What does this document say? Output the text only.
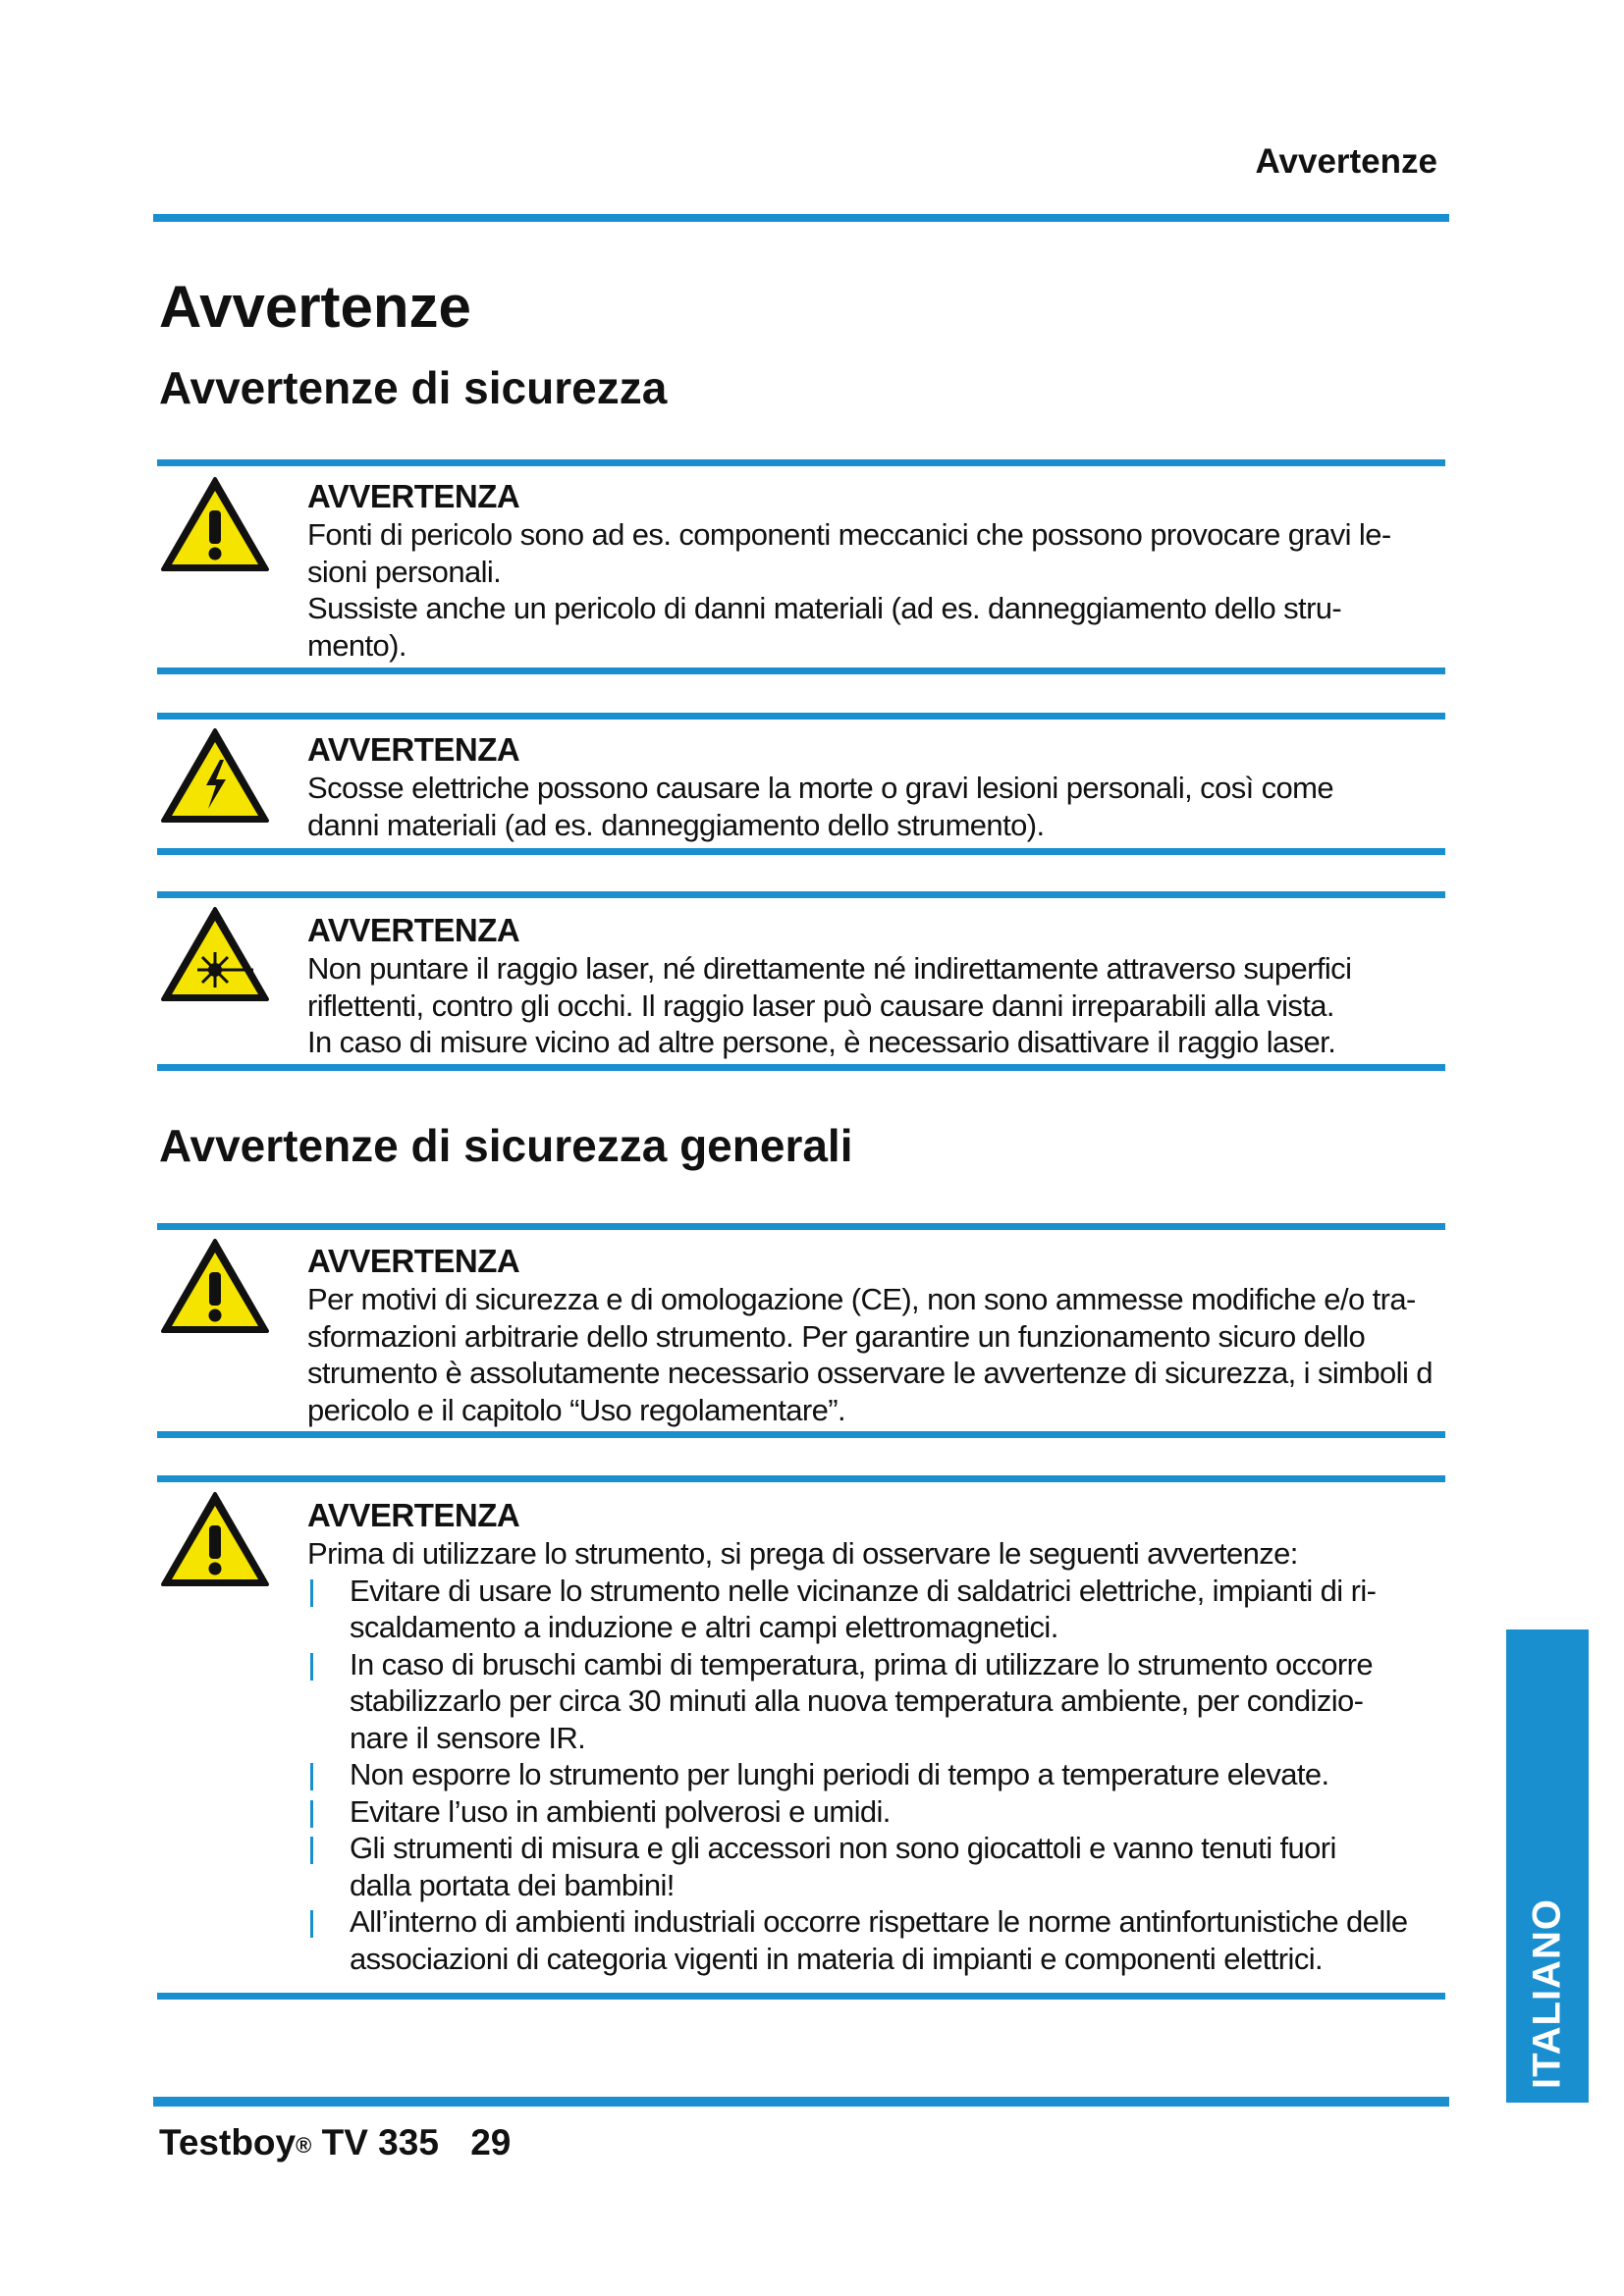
Avvertenze
Avvertenze
Avvertenze di sicurezza
AVVERTENZA
Fonti di pericolo sono ad es. componenti meccanici che possono provocare gravi le-
sioni personali.
Sussiste anche un pericolo di danni materiali (ad es. danneggiamento dello stru-
mento).
AVVERTENZA
Scosse elettriche possono causare la morte o gravi lesioni personali, così come
danni materiali (ad es. danneggiamento dello strumento).
AVVERTENZA
Non puntare il raggio laser, né direttamente né indirettamente attraverso superfici
riflettenti, contro gli occhi. Il raggio laser può causare danni irreparabili alla vista.
In caso di misure vicino ad altre persone, è necessario disattivare il raggio laser.
Avvertenze di sicurezza generali
AVVERTENZA
Per motivi di sicurezza e di omologazione (CE), non sono ammesse modifiche e/o tra-
sformazioni arbitrarie dello strumento. Per garantire un funzionamento sicuro dello
strumento è assolutamente necessario osservare le avvertenze di sicurezza, i simboli d
pericolo e il capitolo “Uso regolamentare”.
AVVERTENZA
Prima di utilizzare lo strumento, si prega di osservare le seguenti avvertenze:
Evitare di usare lo strumento nelle vicinanze di saldatrici elettriche, impianti di ri-
scaldamento a induzione e altri campi elettromagnetici.
In caso di bruschi cambi di temperatura, prima di utilizzare lo strumento occorre
stabilizzarlo per circa 30 minuti alla nuova temperatura ambiente, per condizio-
nare il sensore IR.
Non esporre lo strumento per lunghi periodi di tempo a temperature elevate.
Evitare l’uso in ambienti polverosi e umidi.
Gli strumenti di misura e gli accessori non sono giocattoli e vanno tenuti fuori
dalla portata dei bambini!
All’interno di ambienti industriali occorre rispettare le norme antinfortunistiche delle
associazioni di categoria vigenti in materia di impianti e componenti elettrici.	ITALIANO
Testboy® TV 335 29
